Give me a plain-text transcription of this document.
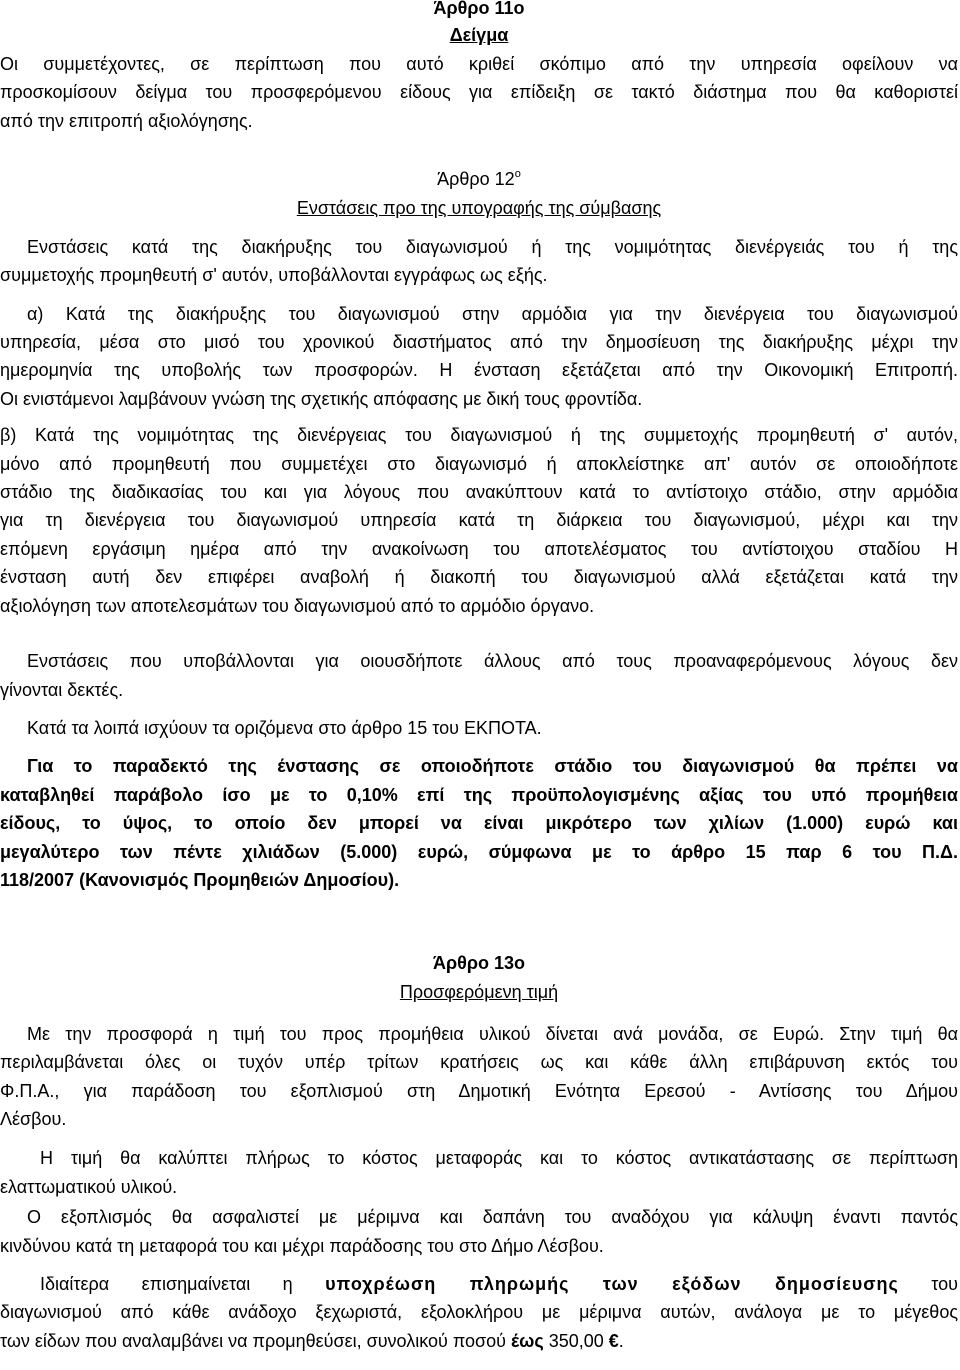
Άρθρο 11ο
Δείγμα
Οι συμμετέχοντες, σε περίπτωση που αυτό κριθεί σκόπιμο από την υπηρεσία οφείλουν να
προσκομίσουν δείγμα του προσφερόμενου είδους για επίδειξη σε τακτό διάστημα που θα καθοριστεί
από την επιτροπή αξιολόγησης.
Άρθρο $12^o$
Ενστάσεις προ της υπογραφής της σύμβασης
Ενστάσεις κατά της διακήρυξης του διαγωνισμού ή της νομιμότητας διενέργειάς του ή της
συμμετοχής προμηθευτή σ' αυτόν, υποβάλλονται εγγράφως ως εξής.
α) Κατά της διακήρυξης του διαγωνισμού στην αρμόδια για την διενέργεια του διαγωνισμού
υπηρεσία, μέσα στο μισό του χρονικού διαστήματος από την δημοσίευση της διακήρυξης μέχρι την
ημερομηνία της υποβολής των προσφορών. Η ένσταση εξετάζεται από την Οικονομική Επιτροπή.
Οι ενιστάμενοι λαμβάνουν γνώση της σχετικής απόφασης με δική τους φροντίδα.
β) Κατά της νομιμότητας της διενέργειας του διαγωνισμού ή της συμμετοχής προμηθευτή σ' αυτόν,
μόνο από προμηθευτή που συμμετέχει στο διαγωνισμό ή αποκλείστηκε απ' αυτόν σε οποιοδήποτε
στάδιο της διαδικασίας του και για λόγους που ανακύπτουν κατά το αντίστοιχο στάδιο, στην αρμόδια
για τη διενέργεια του διαγωνισμού υπηρεσία κατά τη διάρκεια του διαγωνισμού, μέχρι και την
επόμενη εργάσιμη ημέρα από την ανακοίνωση του αποτελέσματος του αντίστοιχου σταδίου Η
ένσταση αυτή δεν επιφέρει αναβολή ή διακοπή του διαγωνισμού αλλά εξετάζεται κατά την
αξιολόγηση των αποτελεσμάτων του διαγωνισμού από το αρμόδιο όργανο.
Ενστάσεις που υποβάλλονται για οιουσδήποτε άλλους από τους προαναφερόμενους λόγους δεν
γίνονται δεκτές.
Κατά τα λοιπά ισχύουν τα οριζόμενα στο άρθρο 15 του ΕΚΠΟΤΑ.
Για το παραδεκτό της ένστασης σε οποιοδήποτε στάδιο του διαγωνισμού θα πρέπει να
καταβληθεί παράβολο ίσο με το 0,10% επί της προϋπολογισμένης αξίας του υπό προμήθεια
είδους, το ύψος, το οποίο δεν μπορεί να είναι μικρότερο των χιλίων (1.000) ευρώ και
μεγαλύτερο των πέντε χιλιάδων (5.000) ευρώ, σύμφωνα με το άρθρο 15 παρ 6 του Π.Δ.
118/2007 (Κανονισμός Προμηθειών Δημοσίου).
Άρθρο 13ο
Προσφερόμενη τιμή
Με την προσφορά η τιμή του προς προμήθεια υλικού δίνεται ανά μονάδα, σε Ευρώ. Στην τιμή θα
περιλαμβάνεται όλες οι τυχόν υπέρ τρίτων κρατήσεις ως και κάθε άλλη επιβάρυνση εκτός του
Φ.Π.Α., για παράδοση του εξοπλισμού στη Δημοτική Ενότητα Ερεσού - Αντίσσης του Δήμου
Λέσβου.
Η τιμή θα καλύπτει πλήρως το κόστος μεταφοράς και το κόστος αντικατάστασης σε περίπτωση
ελαττωματικού υλικού.
Ο εξοπλισμός θα ασφαλιστεί με μέριμνα και δαπάνη του αναδόχου για κάλυψη έναντι παντός
κινδύνου κατά τη μεταφορά του και μέχρι παράδοσης του στο Δήμο Λέσβου.
Ιδιαίτερα επισημαίνεται η υποχρέωση πληρωμής των εξόδων δημοσίευσης του
διαγωνισμού από κάθε ανάδοχο ξεχωριστά, εξολοκλήρου με μέριμνα αυτών, ανάλογα με το μέγεθος
των είδων που αναλαμβάνει να προμηθεύσει, συνολικού ποσού έως 350,00 €.
